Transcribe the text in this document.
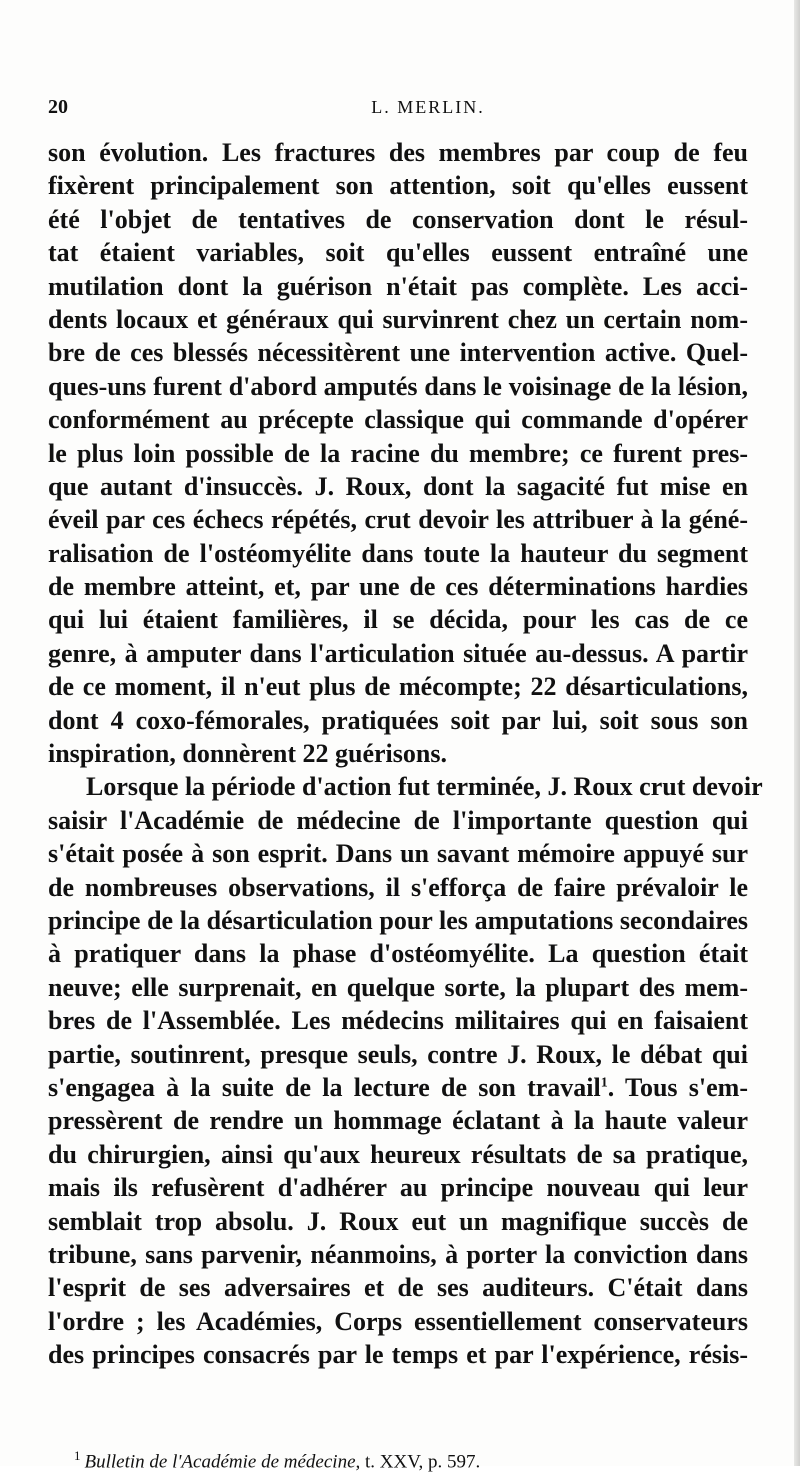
20	L. MERLIN.
son évolution. Les fractures des membres par coup de feu
fixèrent principalement son attention, soit qu'elles eussent
été l'objet de tentatives de conservation dont le résul-
tat étaient variables, soit qu'elles eussent entraîné une
mutilation dont la guérison n'était pas complète. Les acci-
dents locaux et généraux qui survinrent chez un certain nom-
bre de ces blessés nécessitèrent une intervention active. Quel-
ques-uns furent d'abord amputés dans le voisinage de la lésion,
conformément au précepte classique qui commande d'opérer
le plus loin possible de la racine du membre; ce furent pres-
que autant d'insuccès. J. Roux, dont la sagacité fut mise en
éveil par ces échecs répétés, crut devoir les attribuer à la géné-
ralisation de l'ostéomyélite dans toute la hauteur du segment
de membre atteint, et, par une de ces déterminations hardies
qui lui étaient familières, il se décida, pour les cas de ce
genre, à amputer dans l'articulation située au-dessus. A partir
de ce moment, il n'eut plus de mécompte; 22 désarticulations,
dont 4 coxo-fémorales, pratiquées soit par lui, soit sous son
inspiration, donnèrent 22 guérisons.
Lorsque la période d'action fut terminée, J. Roux crut devoir
saisir l'Académie de médecine de l'importante question qui
s'était posée à son esprit. Dans un savant mémoire appuyé sur
de nombreuses observations, il s'efforça de faire prévaloir le
principe de la désarticulation pour les amputations secondaires
à pratiquer dans la phase d'ostéomyélite. La question était
neuve; elle surprenait, en quelque sorte, la plupart des mem-
bres de l'Assemblée. Les médecins militaires qui en faisaient
partie, soutinrent, presque seuls, contre J. Roux, le débat qui
s'engagea à la suite de la lecture de son travail$^1$. Tous s'em-
pressèrent de rendre un hommage éclatant à la haute valeur
du chirurgien, ainsi qu'aux heureux résultats de sa pratique,
mais ils refusèrent d'adhérer au principe nouveau qui leur
semblait trop absolu. J. Roux eut un magnifique succès de
tribune, sans parvenir, néanmoins, à porter la conviction dans
l'esprit de ses adversaires et de ses auditeurs. C'était dans
l'ordre ; les Académies, Corps essentiellement conservateurs
des principes consacrés par le temps et par l'expérience, résis-
$^1$ Bulletin de l'Académie de médecine, t. XXV, p. 597.
